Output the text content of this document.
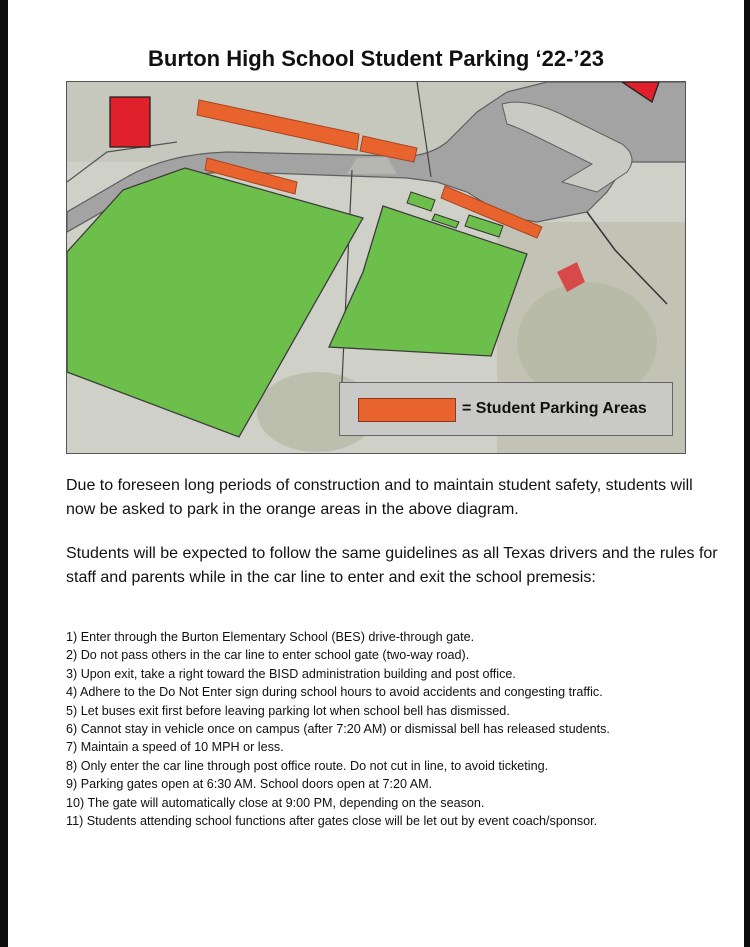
Burton High School Student Parking ‘22-’23
= Student Parking Areas

Due to foreseen long periods of construction and to maintain student safety, students will now be asked to park in the orange areas in the above diagram.

Students will be expected to follow the same guidelines as all Texas drivers and the rules for staff and parents while in the car line to enter and exit the school premesis:

1) Enter through the Burton Elementary School (BES) drive-through gate.
2) Do not pass others in the car line to enter school gate (two-way road).
3) Upon exit, take a right toward the BISD administration building and post office.
4) Adhere to the Do Not Enter sign during school hours to avoid accidents and congesting traffic.
5) Let buses exit first before leaving parking lot when school bell has dismissed.
6) Cannot stay in vehicle once on campus (after 7:20 AM) or dismissal bell has released students.
7) Maintain a speed of 10 MPH or less.
8) Only enter the car line through post office route. Do not cut in line, to avoid ticketing.
9) Parking gates open at 6:30 AM. School doors open at 7:20 AM.
10) The gate will automatically close at 9:00 PM, depending on the season.
11) Students attending school functions after gates close will be let out by event coach/sponsor.
